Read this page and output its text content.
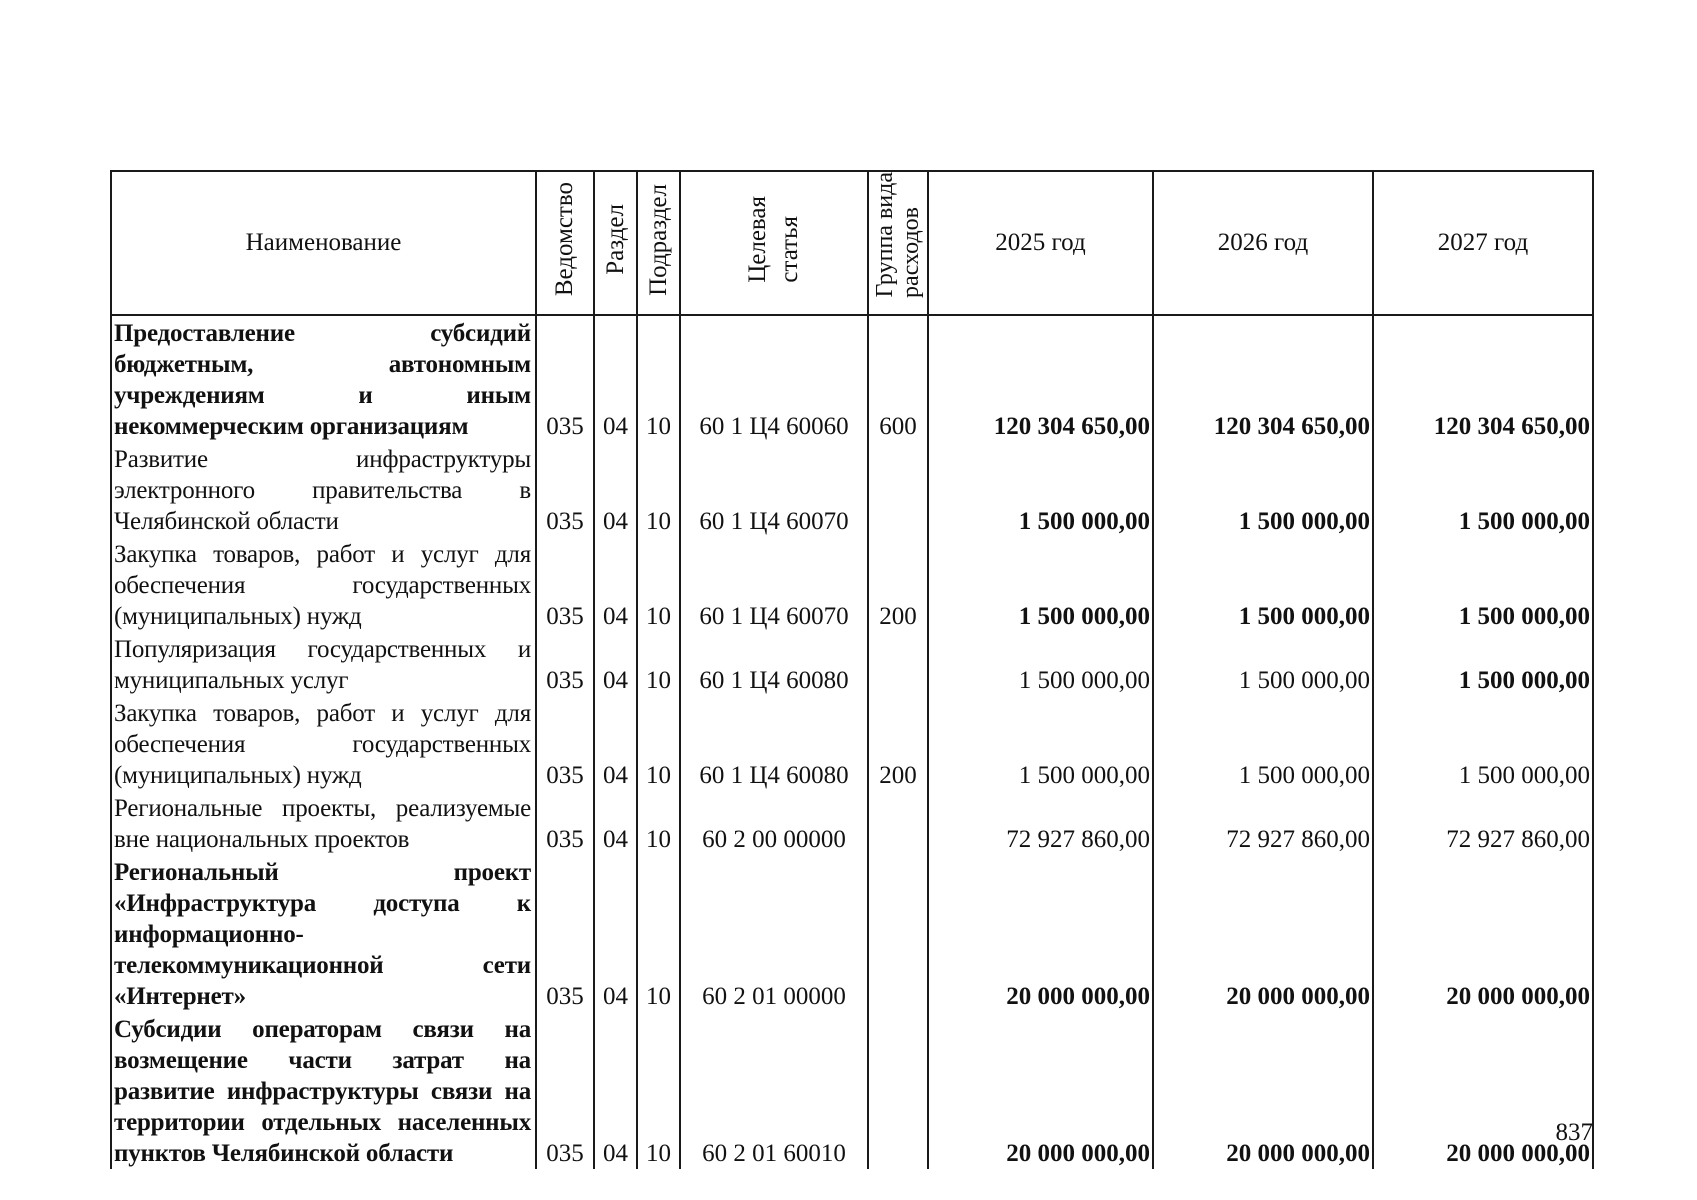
Наименование	Ведомство	Раздел	Подраздел	Целевая статья	Группа видарасходов	2025 год	2026 год	2027 год
Предоставление субсидий бюджетным, автономным учреждениям и иным некоммерческим организациям	035	04	10	60 1 Ц4 60060	600	120 304 650,00	120 304 650,00	120 304 650,00
Развитие инфраструктуры электронного правительства в Челябинской области	035	04	10	60 1 Ц4 60070		1 500 000,00	1 500 000,00	1 500 000,00
Закупка товаров, работ и услуг для обеспечения государственных (муниципальных) нужд	035	04	10	60 1 Ц4 60070	200	1 500 000,00	1 500 000,00	1 500 000,00
Популяризация государственных и муниципальных услуг	035	04	10	60 1 Ц4 60080		1 500 000,00	1 500 000,00	1 500 000,00
Закупка товаров, работ и услуг для обеспечения государственных (муниципальных) нужд	035	04	10	60 1 Ц4 60080	200	1 500 000,00	1 500 000,00	1 500 000,00
Региональные проекты, реализуемые вне национальных проектов	035	04	10	60 2 00 00000		72 927 860,00	72 927 860,00	72 927 860,00
Региональный проект «Инфраструктура доступа к информационно-телекоммуникационной сети «Интернет»	035	04	10	60 2 01 00000		20 000 000,00	20 000 000,00	20 000 000,00
Субсидии операторам связи на возмещение части затрат на развитие инфраструктуры связи на территории отдельных населенных пунктов Челябинской области	035	04	10	60 2 01 60010		20 000 000,00	20 000 000,00	20 000 000,00
837
